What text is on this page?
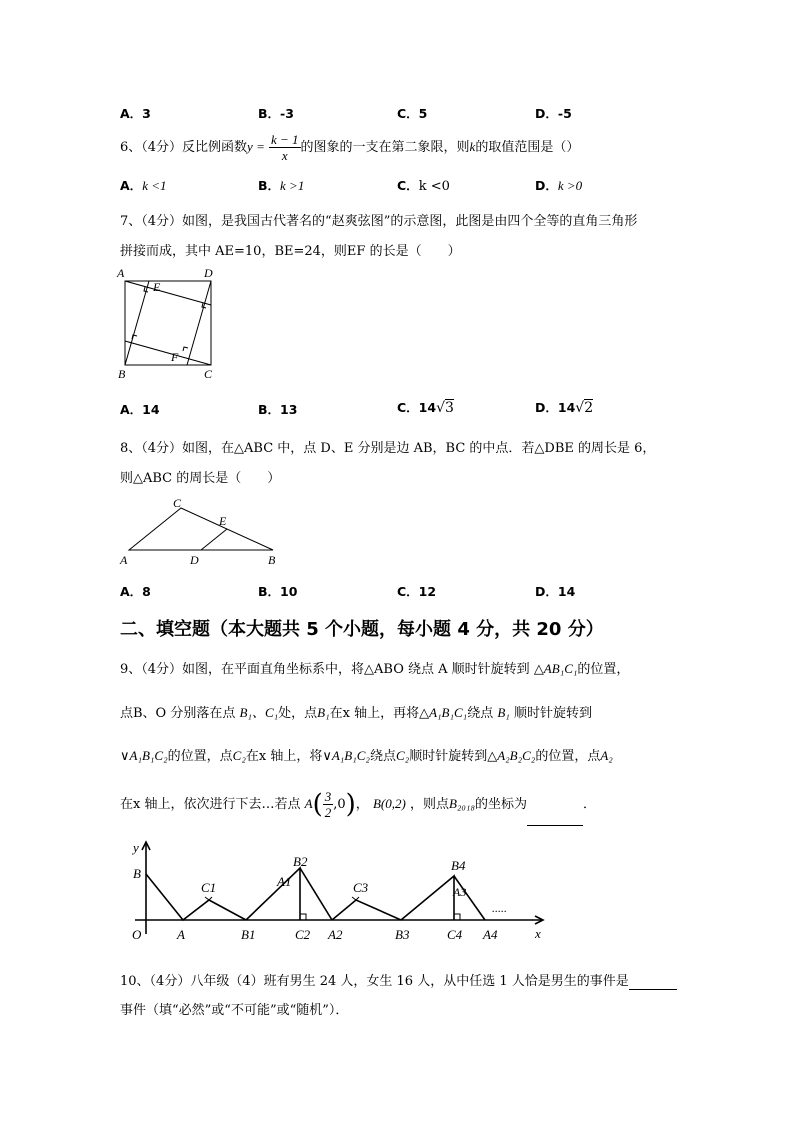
A．3	B．-3	C．5	D．-5
6、（4分）反比例函数$y = \frac{k - 1}{x}$ 的图象的一支在第二象限，则k的取值范围是（）
A．k <1	B．k >1	C．k <0	D．k >0
7、（4分）如图，是我国古代著名的“赵爽弦图”的示意图，此图是由四个全等的直角三角形
拼接而成，其中 AE=10，BE=24，则EF 的长是（　　）
A	D
E
F
B	C
A．14	B．13	C．14√3	D．14√2
8、（4分）如图，在△ABC 中，点 D、E 分别是边 AB，BC 的中点．若△DBE 的周长是 6，
则△ABC 的周长是（　　）
C
E
A	D	B
A．8	B．10	C．12	D．14
二、填空题（本大题共 5 个小题，每小题 4 分，共 20 分）
9、（4分）如图，在平面直角坐标系中，将△ABO 绕点 A 顺时针旋转到 △AB₁C₁的位置，
点B、O 分别落在点 B₁、C₁处，点B₁在x 轴上，再将△A₁B₁C₁绕点 B₁ 顺时针旋转到
∨A₁B₁C₂的位置，点C₂在x 轴上，将∨A₁B₁C₂绕点C₂顺时针旋转到△A₂B₂C₂的位置，点A₂
在x 轴上，依次进行下去…若点 $A( \frac{3}{2} ,0)$， B(0,2) ，则点B₂₀₁₈的坐标为	．
y
B
C1
B2
A1	C3
B4
A3
O	A	B1	C2 A2	B3	C4 A4	x
.....
10、（4分）八年级（4）班有男生 24 人，女生 16 人，从中任选 1 人恰是男生的事件是
事件（填“必然”或“不可能”或“随机”）．
